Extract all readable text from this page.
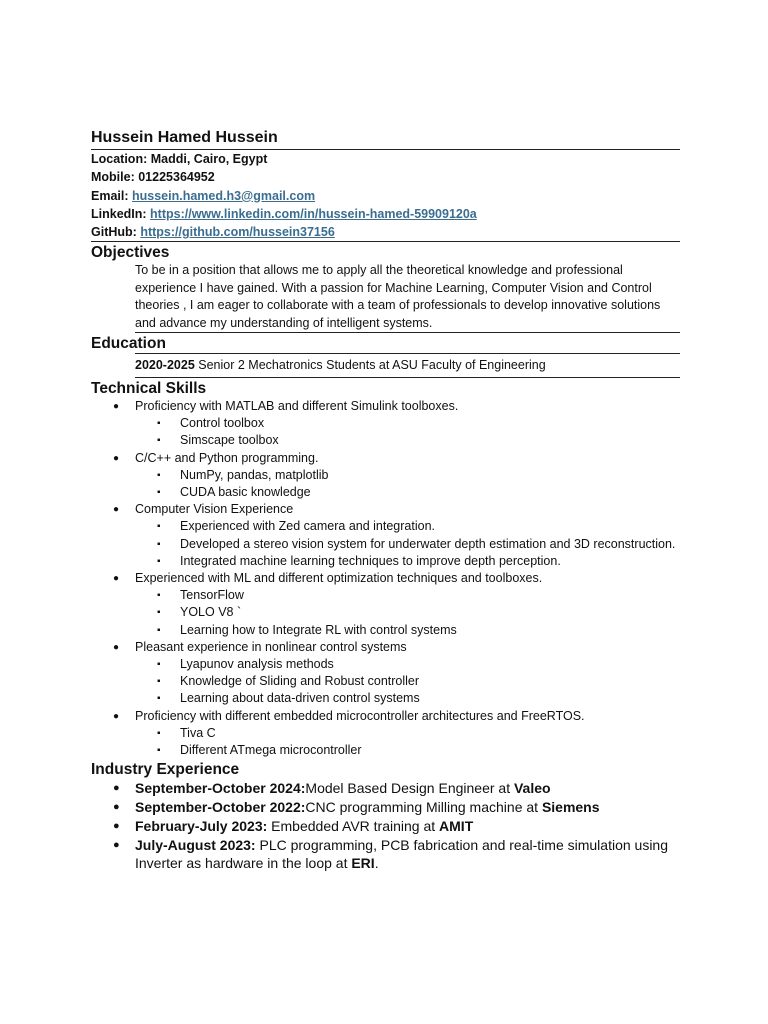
Hussein Hamed Hussein
Location: Maddi, Cairo, Egypt
Mobile: 01225364952
Email: hussein.hamed.h3@gmail.com
LinkedIn: https://www.linkedin.com/in/hussein-hamed-59909120a
GitHub: https://github.com/hussein37156
Objectives
To be in a position that allows me to apply all the theoretical knowledge and professional experience I have gained. With a passion for Machine Learning, Computer Vision and Control theories , I am eager to collaborate with a team of professionals to develop innovative solutions and advance my understanding of intelligent systems.
Education
2020-2025 Senior 2 Mechatronics Students at ASU Faculty of Engineering
Technical Skills
● Proficiency with MATLAB and different Simulink toolboxes.
▪ Control toolbox
▪ Simscape toolbox
● C/C++ and Python programming.
▪ NumPy, pandas, matplotlib
▪ CUDA basic knowledge
● Computer Vision Experience
▪ Experienced with Zed camera and integration.
▪ Developed a stereo vision system for underwater depth estimation and 3D reconstruction.
▪ Integrated machine learning techniques to improve depth perception.
● Experienced with ML and different optimization techniques and toolboxes.
▪ TensorFlow
▪ YOLO V8 `
▪ Learning how to Integrate RL with control systems
● Pleasant experience in nonlinear control systems
▪ Lyapunov analysis methods
▪ Knowledge of Sliding and Robust controller
▪ Learning about data-driven control systems
● Proficiency with different embedded microcontroller architectures and FreeRTOS.
▪ Tiva C
▪ Different ATmega microcontroller
Industry Experience
● September-October 2024:Model Based Design Engineer at Valeo
● September-October 2022:CNC programming Milling machine at Siemens
● February-July 2023: Embedded AVR training at AMIT
● July-August 2023: PLC programming, PCB fabrication and real-time simulation using Inverter as hardware in the loop at ERI.
